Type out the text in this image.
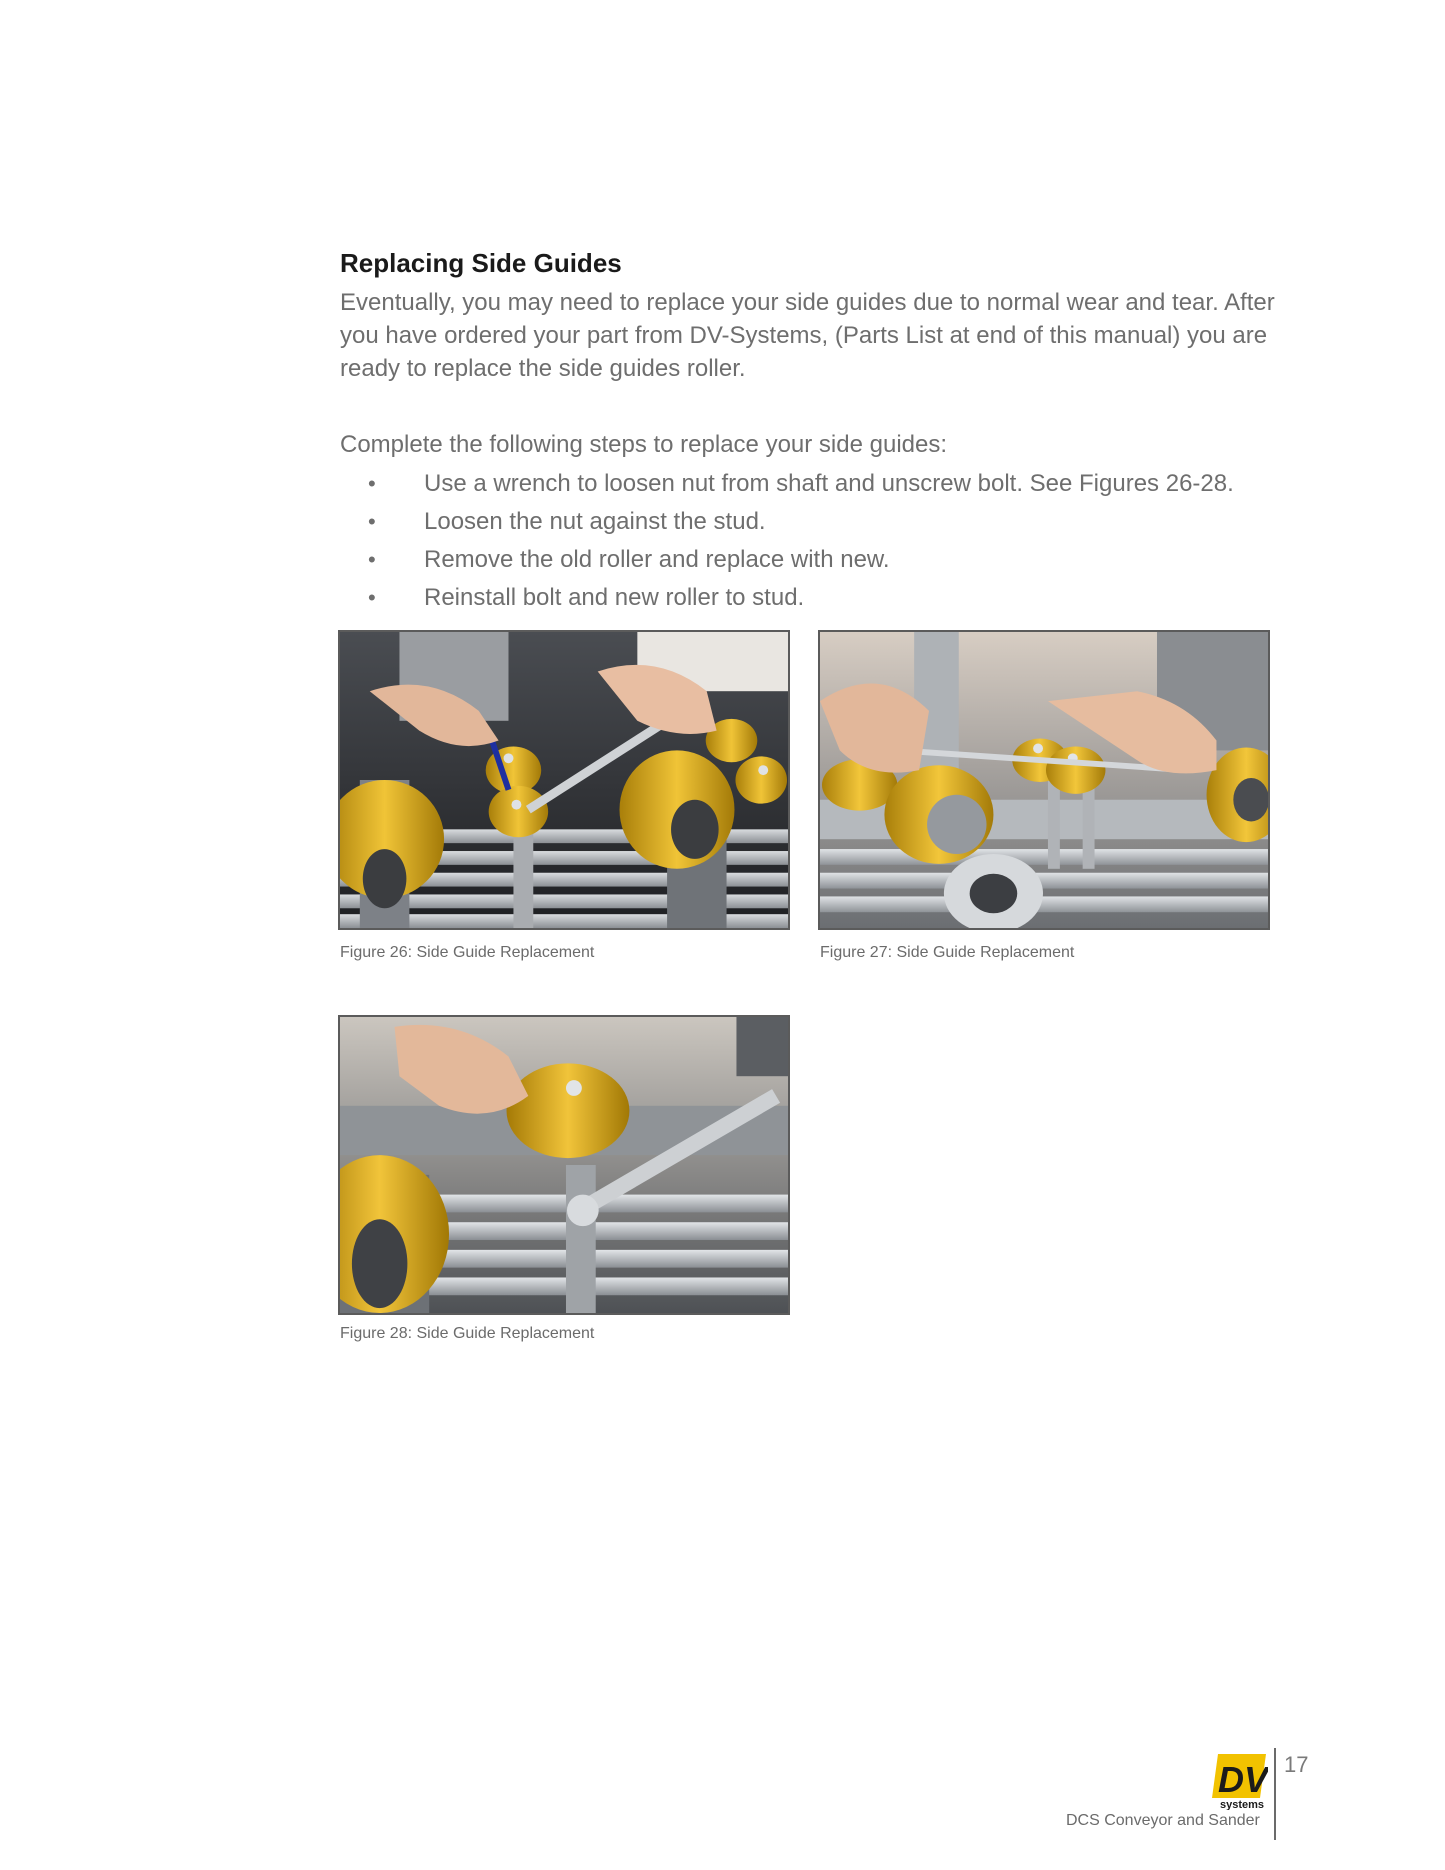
Replacing Side Guides
Eventually, you may need to replace your side guides due to normal wear and tear. After you have ordered your part from DV-Systems, (Parts List at end of this manual) you are ready to replace the side guides roller.
Complete the following steps to replace your side guides:
• Use a wrench to loosen nut from shaft and unscrew bolt. See Figures 26-28.
• Loosen the nut against the stud.
• Remove the old roller and replace with new.
• Reinstall bolt and new roller to stud.
Figure 26: Side Guide Replacement	Figure 27: Side Guide Replacement
Figure 28: Side Guide Replacement
DV
systems
17
DCS Conveyor and Sander
